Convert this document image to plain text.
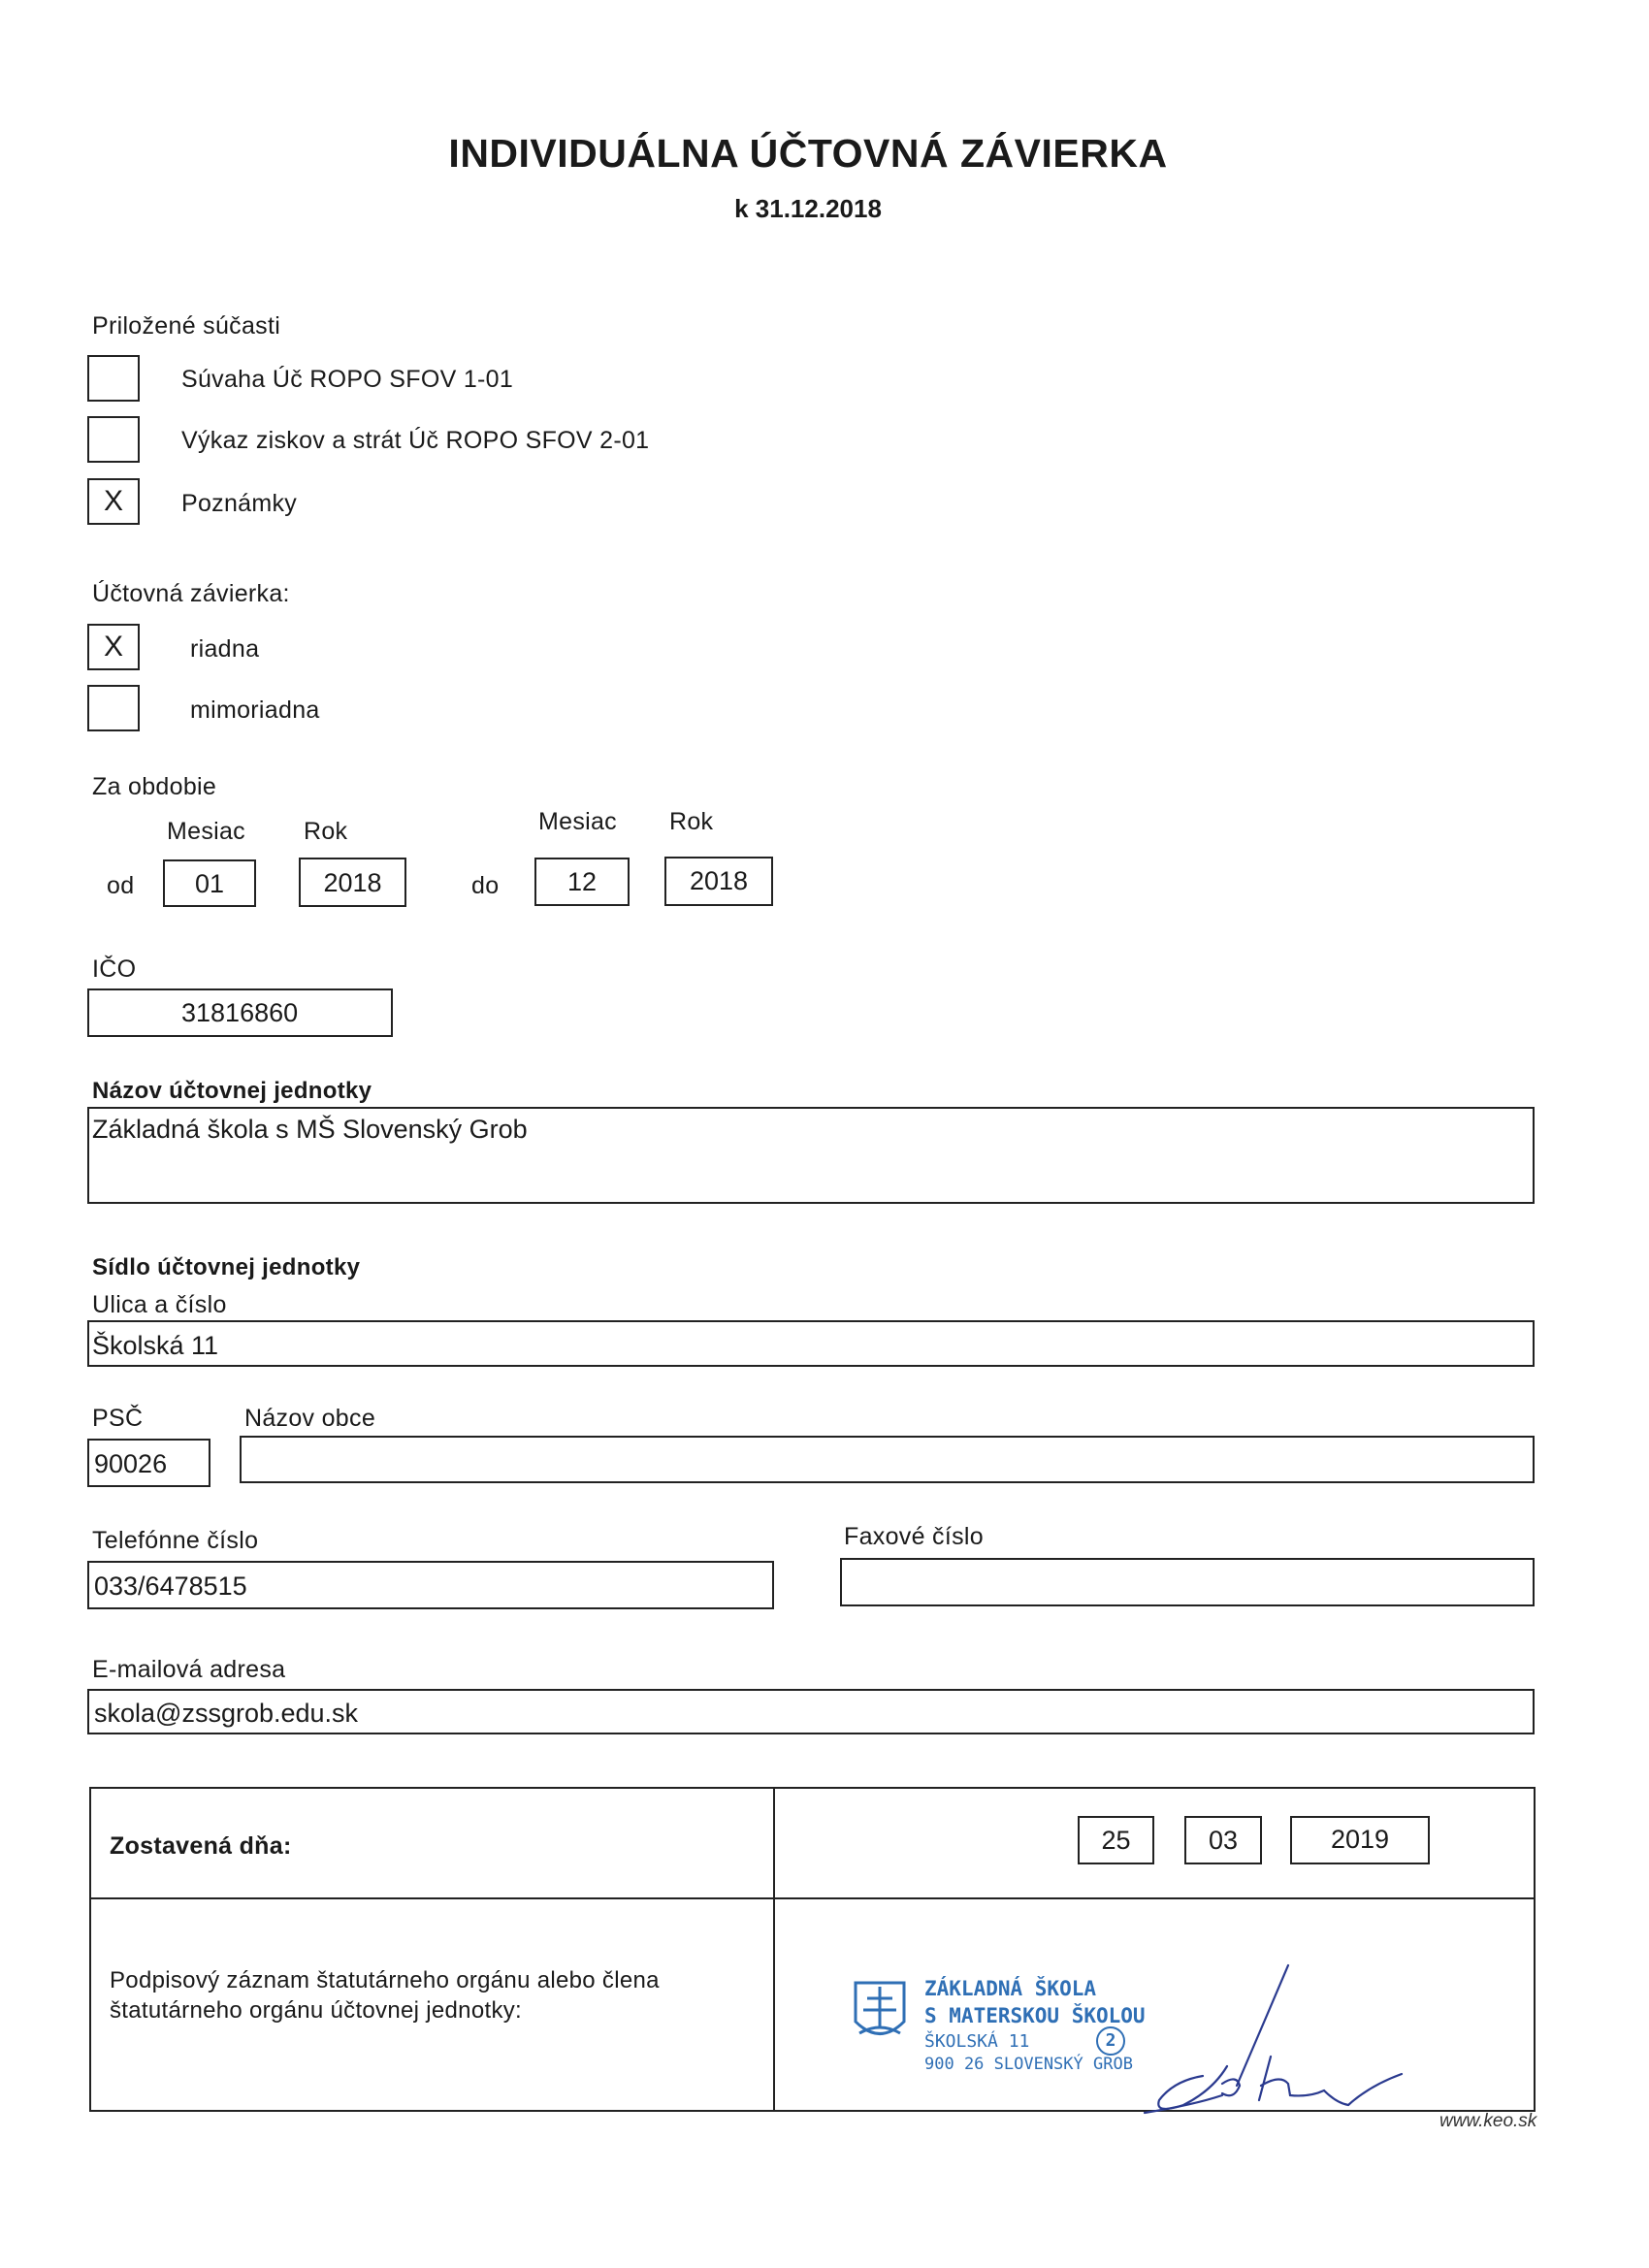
INDIVIDUÁLNA ÚČTOVNÁ ZÁVIERKA
k 31.12.2018
Priložené súčasti
Súvaha Úč ROPO SFOV 1-01
Výkaz ziskov a strát Úč ROPO SFOV 2-01
X	Poznámky
Účtovná závierka:
X	riadna
mimoriadna
Za obdobie
Mesiac Rok	Mesiac Rok
od	01	2018	do	12	2018
IČO
31816860
Názov účtovnej jednotky
Základná škola s MŠ Slovenský Grob
Sídlo účtovnej jednotky
Ulica a číslo
Školská 11
PSČ
90026
Názov obce
Telefónne číslo
033/6478515
Faxové číslo
E-mailová adresa
skola@zssgrob.edu.sk
Zostavená dňa:	25	03	2019
Podpisový záznam štatutárneho orgánu alebo člena
štatutárneho orgánu účtovnej jednotky:
ZÁKLADNÁ ŠKOLA
S MATERSKOU ŠKOLOU
ŠKOLSKÁ 11	2
900 26 SLOVENSKÝ GROB
www.keo.sk
